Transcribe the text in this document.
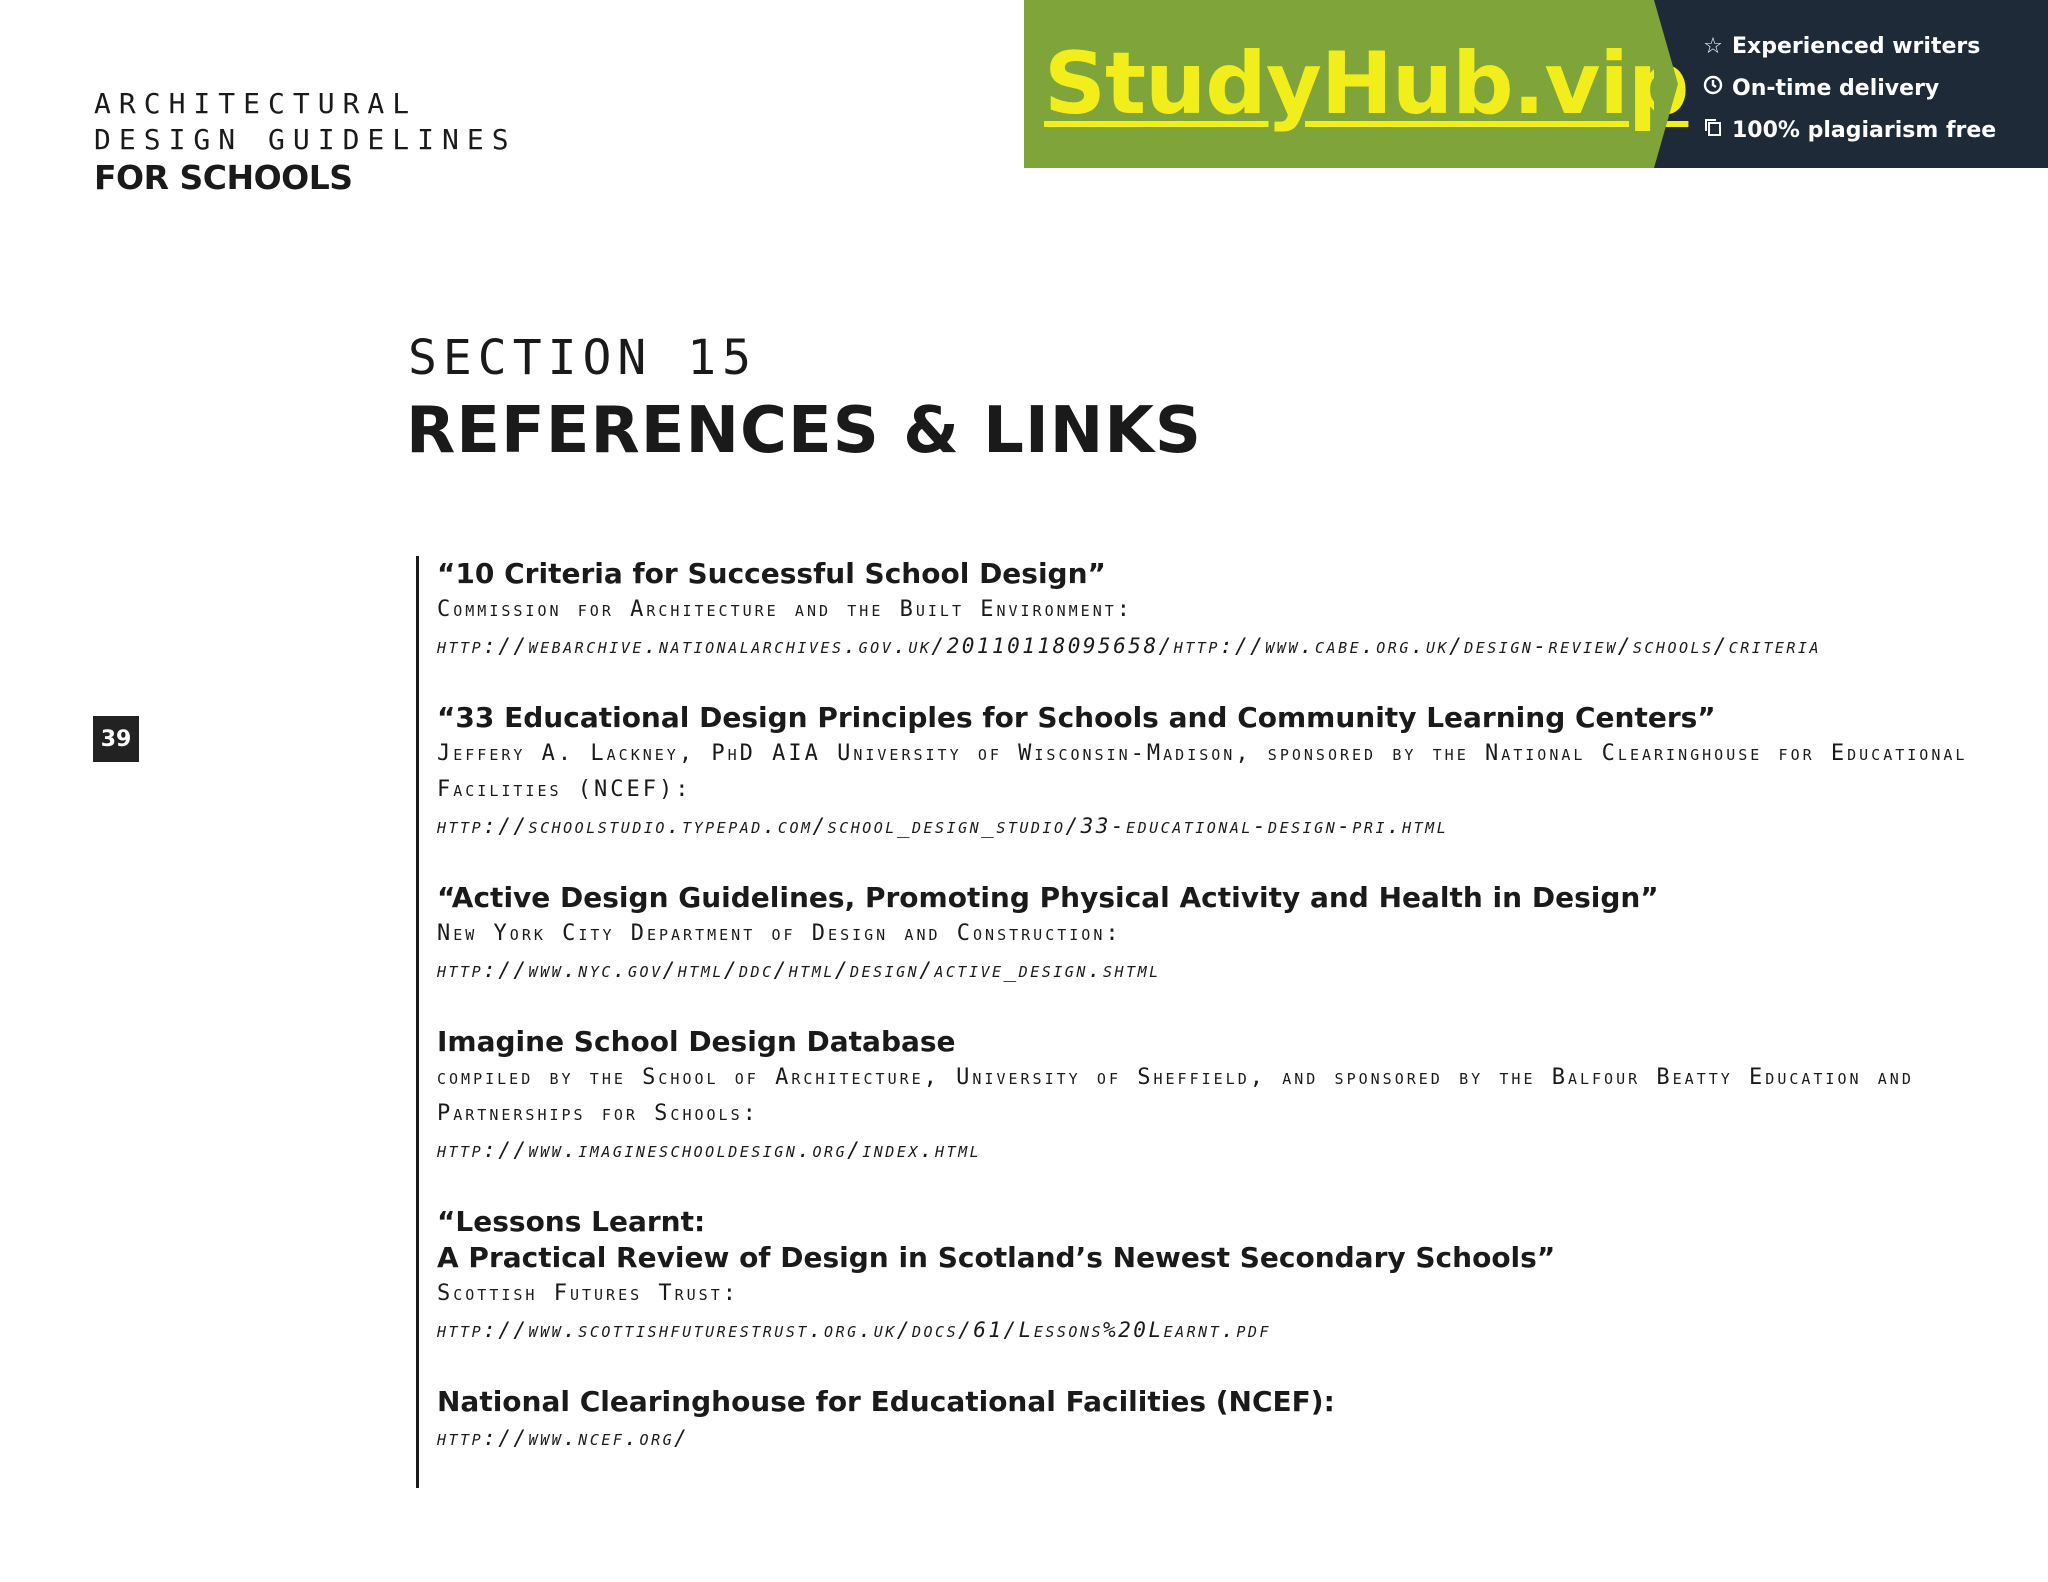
ARCHITECTURAL
DESIGN GUIDELINES
FOR SCHOOLS
StudyHub.vip ☆ Experienced writers
On-time delivery
100% plagiarism free
SECTION 15
REFERENCES & LINKS
39
“10 Criteria for Successful School Design”
Commission for Architecture and the Built Environment:
http://webarchive.nationalarchives.gov.uk/20110118095658/http://www.cabe.org.uk/design-review/schools/criteria
“33 Educational Design Principles for Schools and Community Learning Centers”
Jeffery A. Lackney, PhD AIA University of Wisconsin-Madison, sponsored by the National Clearinghouse for Educational Facilities (NCEF):
http://schoolstudio.typepad.com/school_design_studio/33-educational-design-pri.html
“Active Design Guidelines, Promoting Physical Activity and Health in Design”
New York City Department of Design and Construction:
http://www.nyc.gov/html/ddc/html/design/active_design.shtml
Imagine School Design Database
compiled by the School of Architecture, University of Sheffield, and sponsored by the Balfour Beatty Education and Partnerships for Schools:
http://www.imagineschooldesign.org/index.html
“Lessons Learnt:
A Practical Review of Design in Scotland’s Newest Secondary Schools”
Scottish Futures Trust:
http://www.scottishfuturestrust.org.uk/docs/61/Lessons%20Learnt.pdf
National Clearinghouse for Educational Facilities (NCEF):
http://www.ncef.org/
